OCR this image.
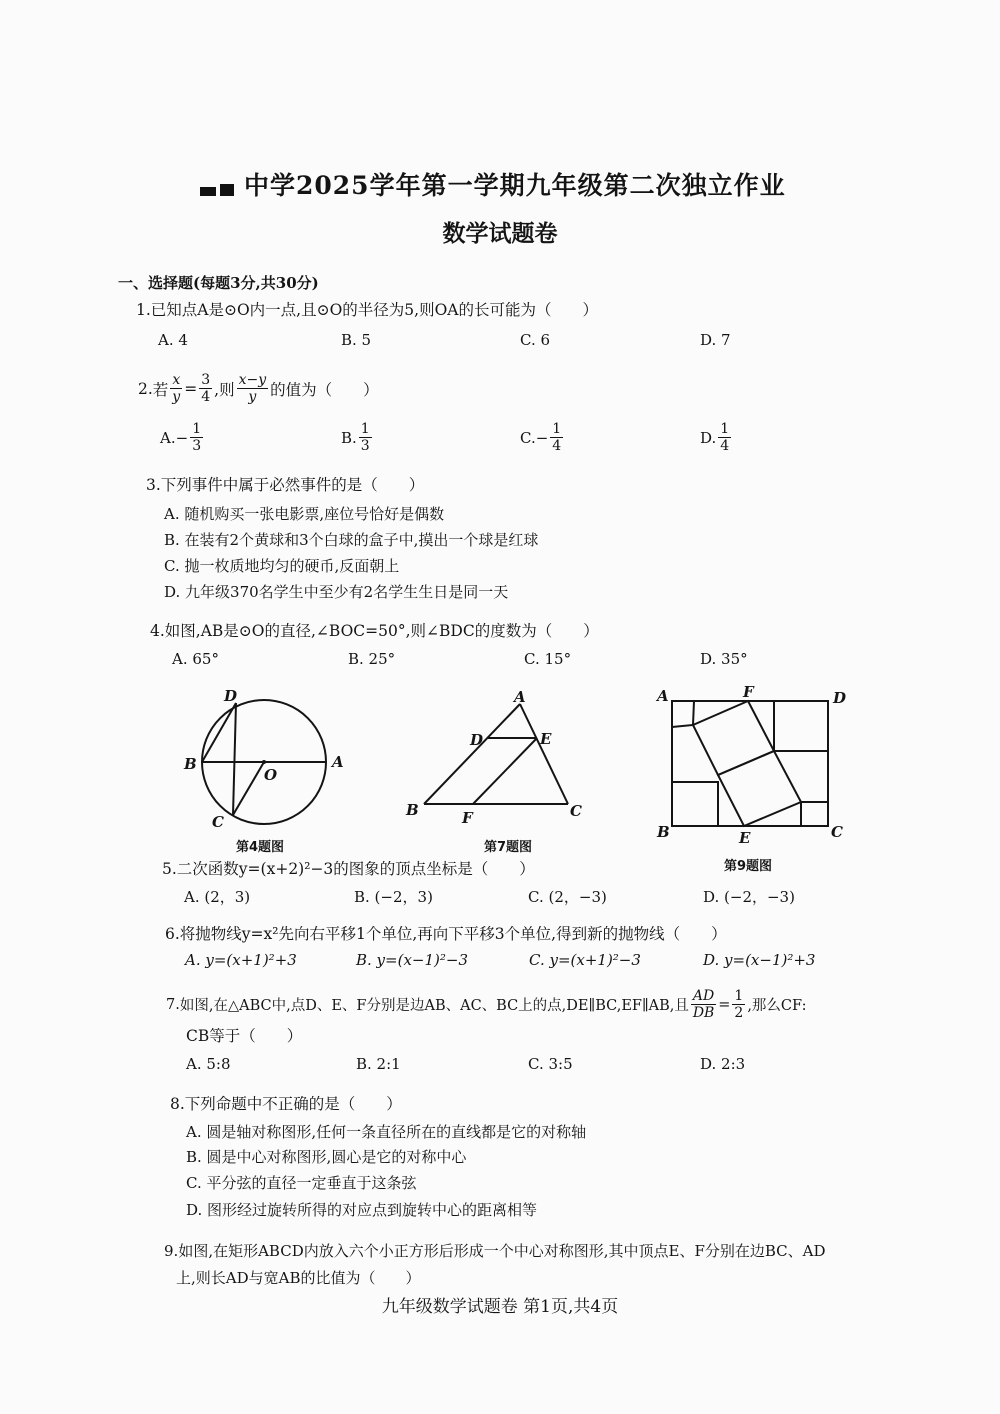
中学2025学年第一学期九年级第二次独立作业
数学试题卷
一、选择题(每题3分,共30分)
1.已知点A是⊙O内一点,且⊙O的半径为5,则OA的长可能为（　　）
A. 4	B. 5	C. 6	D. 7
2. 若 $\frac{x}{y} = \frac{3}{4}$ ,则 $\frac{x-y}{y}$ 的值为（　　）
A. − $\frac{1}{3}$	B. $\frac{1}{3}$	C. − $\frac{1}{4}$	D. $\frac{1}{4}$
3.下列事件中属于必然事件的是（　　）
A. 随机购买一张电影票,座位号恰好是偶数
B. 在装有2个黄球和3个白球的盒子中,摸出一个球是红球
C. 抛一枚质地均匀的硬币,反面朝上
D. 九年级370名学生中至少有2名学生生日是同一天
4.如图,AB是⊙O的直径,∠BOC=50°,则∠BDC的度数为（　　）
A. 65°	B. 25°	C. 15°	D. 35°
D
B
O
A
C
第4题图
A
D	E
B	F	C
第7题图
A	F	D
B	E	C
第9题图
5.二次函数y=(x+2)²−3的图象的顶点坐标是（　　）
A. (2，3)	B. (−2，3)	C. (2，−3)	D. (−2，−3)
6.将抛物线y=x²先向右平移1个单位,再向下平移3个单位,得到新的抛物线（　　）
A. y=(x+1)²+3	B. y=(x−1)²−3	C. y=(x+1)²−3	D. y=(x−1)²+3
7. 如图,在△ABC中,点D、E、F分别是边AB、AC、BC上的点,DE∥BC,EF∥AB,且 $\frac{AD}{DB} = \frac{1}{2}$ ,那么CF:
CB等于（　　）
A. 5:8	B. 2:1	C. 3:5	D. 2:3
8.下列命题中不正确的是（　　）
A. 圆是轴对称图形,任何一条直径所在的直线都是它的对称轴
B. 圆是中心对称图形,圆心是它的对称中心
C. 平分弦的直径一定垂直于这条弦
D. 图形经过旋转所得的对应点到旋转中心的距离相等
9.如图,在矩形ABCD内放入六个小正方形后形成一个中心对称图形,其中顶点E、F分别在边BC、AD
上,则长AD与宽AB的比值为（　　）
九年级数学试题卷 第1页,共4页
